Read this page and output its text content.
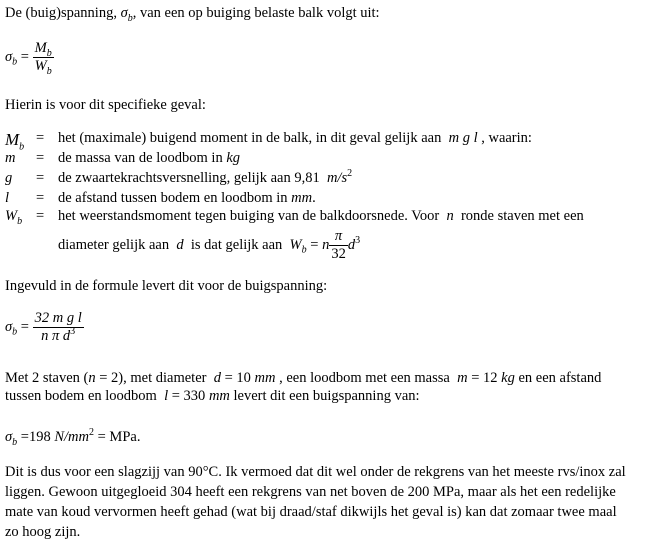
De (buig)spanning, $\sigma_b$, van een op buiging belaste balk volgt uit:
$\sigma_b = \frac{M_b}{W_b}$
Hierin is voor dit specifieke geval:
$M_b$
= het (maximale) buigend moment in de balk, in dit geval gelijk aan m g l , waarin:
m = de massa van de loodbom in kg
g = de zwaartekrachtsversnelling, gelijk aan 9,81 $m/s^2$
l = de afstand tussen bodem en loodbom in mm.
$W_b$ = het weerstandsmoment tegen buiging van de balkdoorsnede. Voor n ronde staven met een
diameter gelijk aan d is dat gelijk aan $W_b = n \frac{\pi}{32} d^3$
Ingevuld in de formule levert dit voor de buigspanning:
$\sigma_b = \frac{\text{32 m g l}}{n \pi d^3}$
Met 2 staven (n = 2), met diameter d = 10 mm , een loodbom met een massa m = 12 kg en een afstand
tussen bodem en loodbom l = 330 mm levert dit een buigspanning van:
$\sigma_b =198$ $N/mm^2$ = MPa.
Dit is dus voor een slagzijj van 90°C. Ik vermoed dat dit wel onder de rekgrens van het meeste rvs/inox zal
liggen. Gewoon uitgegloeid 304 heeft een rekgrens van net boven de 200 MPa, maar als het een redelijke
mate van koud vervormen heeft gehad (wat bij draad/staf dikwijls het geval is) kan dat zomaar twee maal
zo hoog zijn.
